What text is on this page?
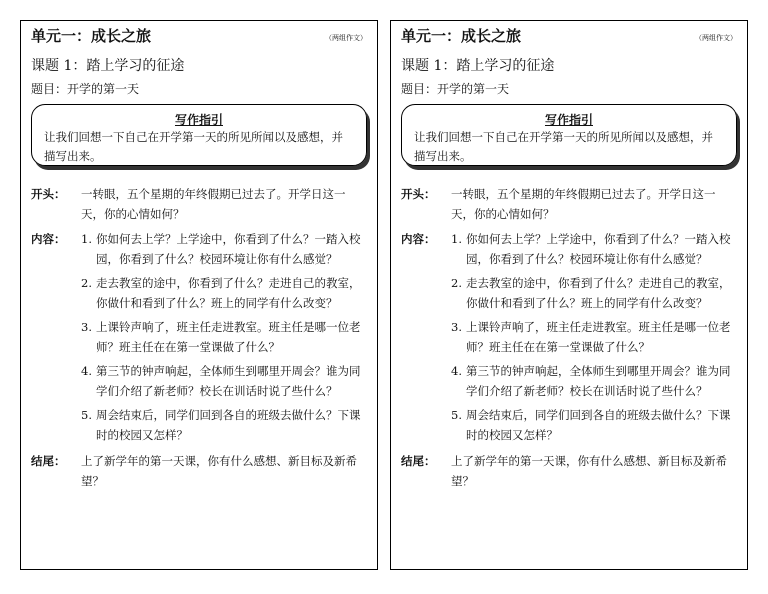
单元一：成长之旅	（两组作文）
课题 1：踏上学习的征途
题目：开学的第一天
写作指引
让我们回想一下自己在开学第一天的所见所闻以及感想，并描写出来。
开头：	一转眼，五个星期的年终假期已过去了。开学日这一天，你的心情如何？
内容：	1. 你如何去上学？上学途中，你看到了什么？一踏入校 园，你看到了什么？校园环境让你有什么感觉？
2. 走去教室的途中，你看到了什么？走进自己的教室，你做什和看到了什么？班上的同学有什么改变？
3. 上课铃声响了，班主任走进教室。班主任是哪一位老师？班主任在在第一堂课做了什么？
4. 第三节的钟声响起，全体师生到哪里开周会？谁为同学们介绍了新老师？校长在训话时说了些什么？
5. 周会结束后，同学们回到各自的班级去做什么？下课时的校园又怎样？
结尾：	上了新学年的第一天课，你有什么感想、新目标及新希望？
单元一：成长之旅	（两组作文）
课题 1：踏上学习的征途
题目：开学的第一天
写作指引
让我们回想一下自己在开学第一天的所见所闻以及感想，并描写出来。
开头：	一转眼，五个星期的年终假期已过去了。开学日这一天，你的心情如何？
内容：	1. 你如何去上学？上学途中，你看到了什么？一踏入校 园，你看到了什么？校园环境让你有什么感觉？
2. 走去教室的途中，你看到了什么？走进自己的教室，你做什和看到了什么？班上的同学有什么改变？
3. 上课铃声响了，班主任走进教室。班主任是哪一位老师？班主任在在第一堂课做了什么？
4. 第三节的钟声响起，全体师生到哪里开周会？谁为同学们介绍了新老师？校长在训话时说了些什么？
5. 周会结束后，同学们回到各自的班级去做什么？下课时的校园又怎样？
结尾：	上了新学年的第一天课，你有什么感想、新目标及新希望？
